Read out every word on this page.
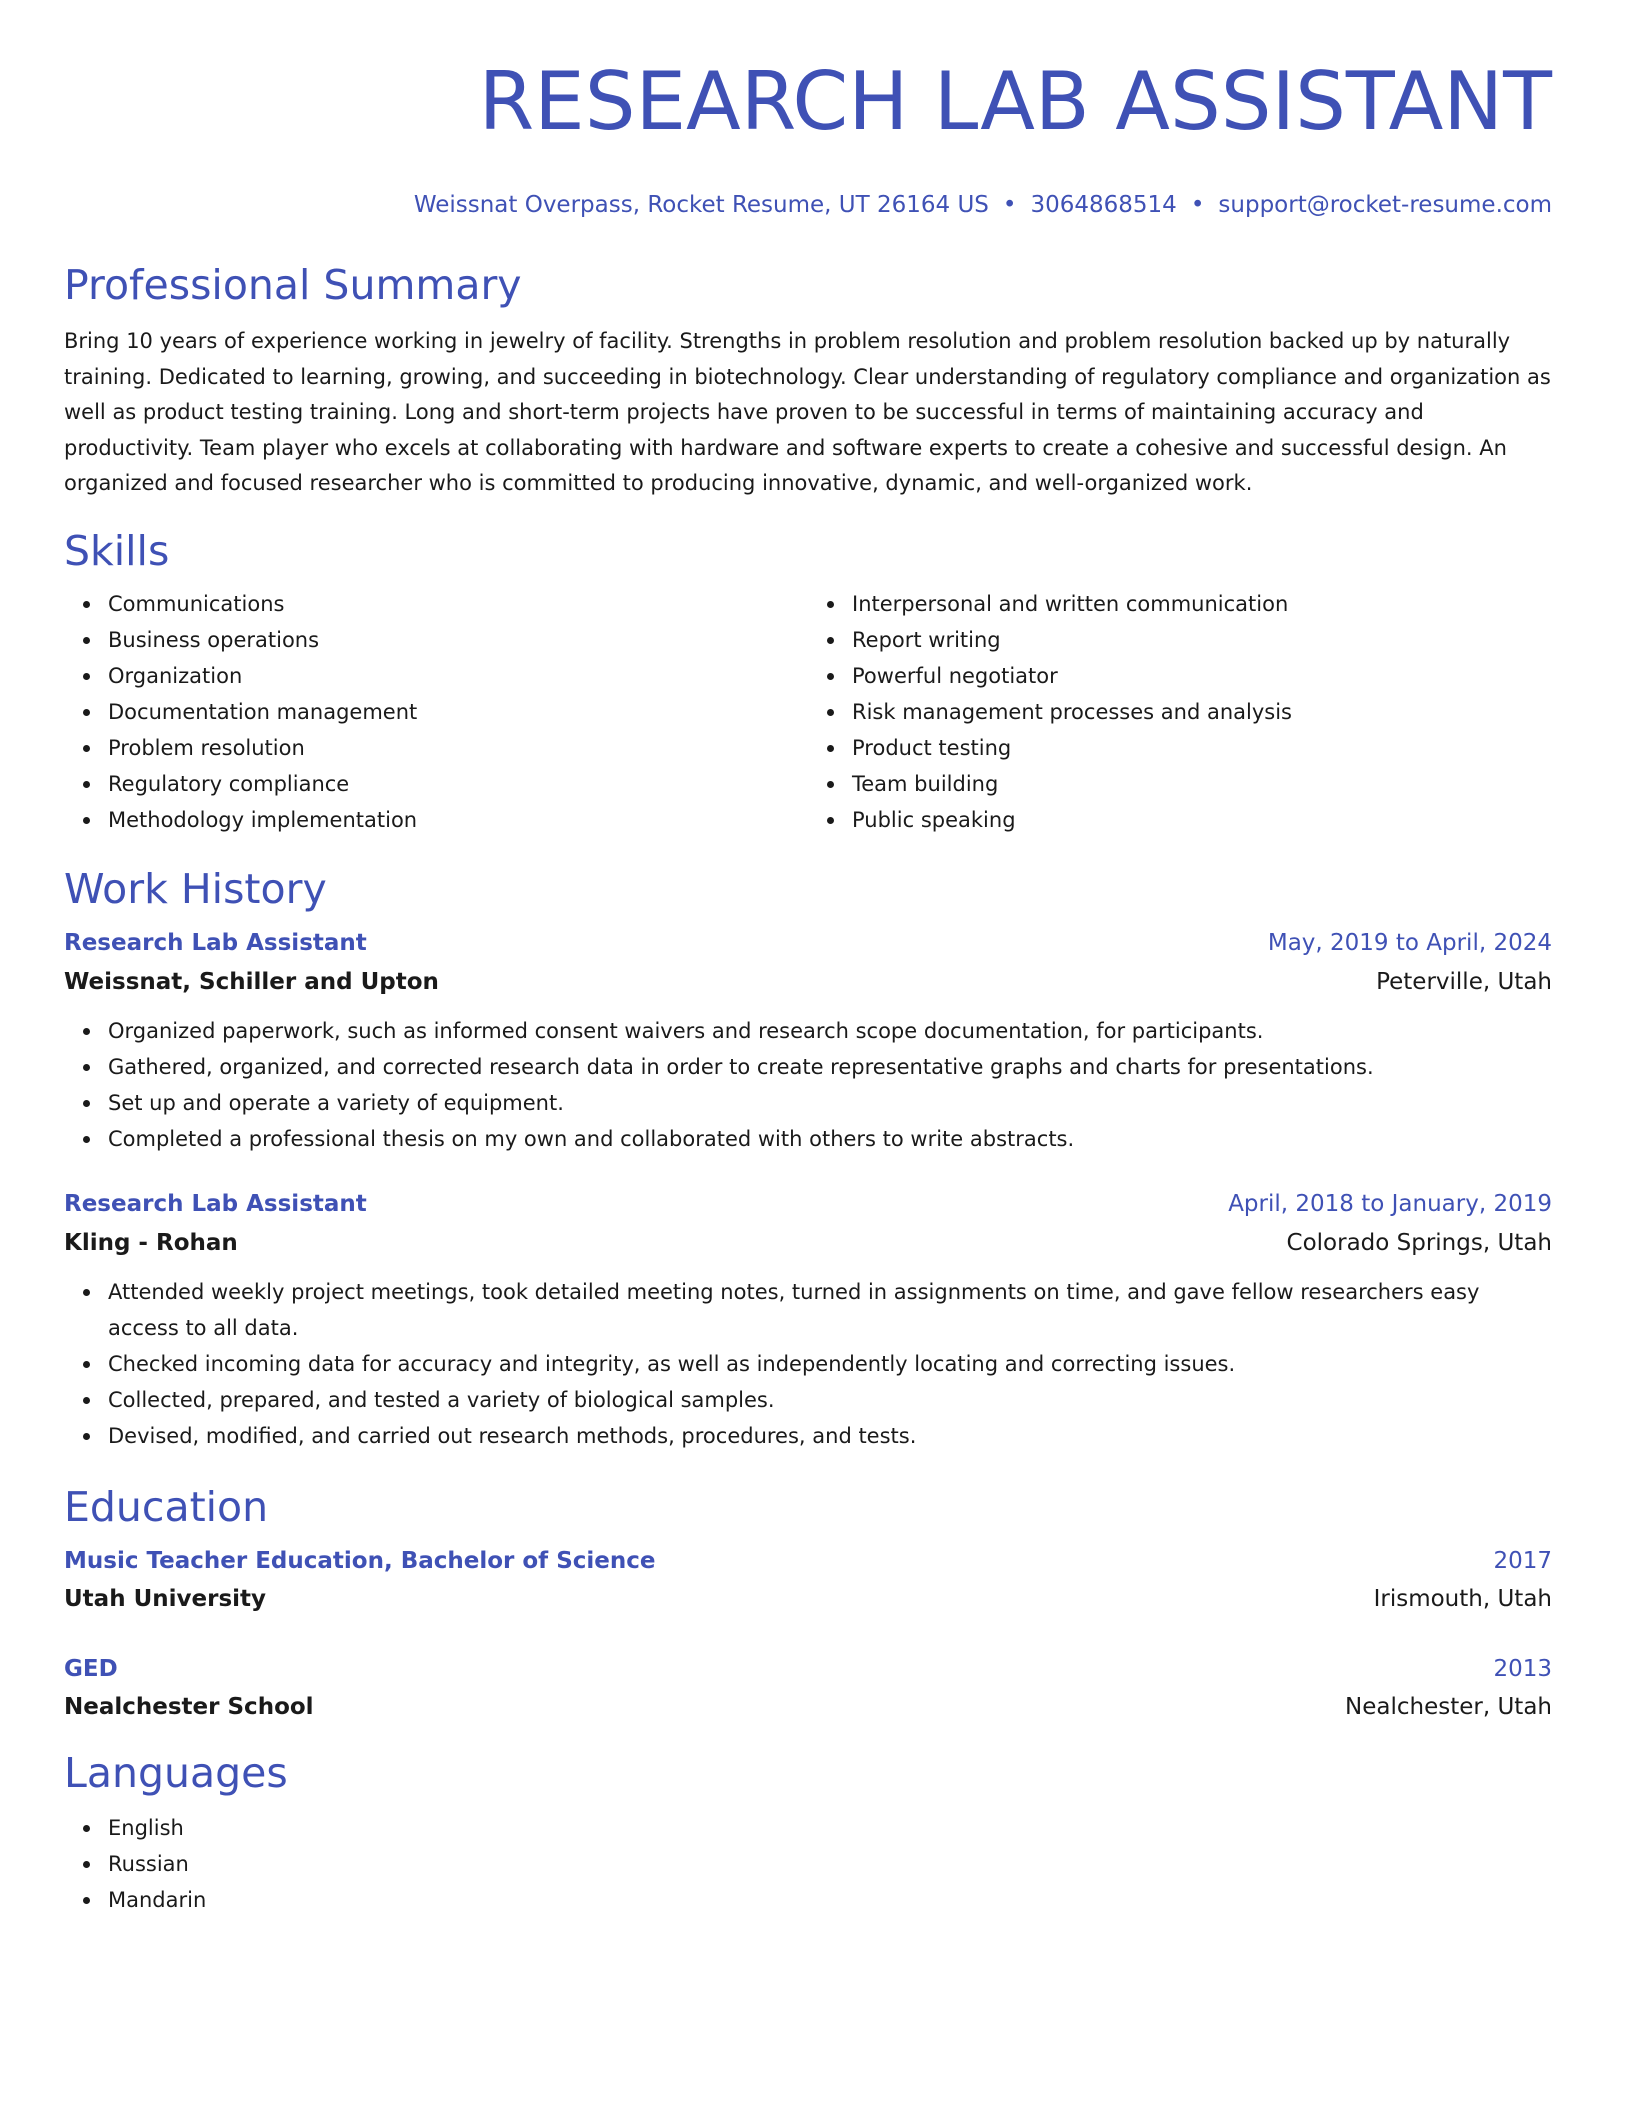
RESEARCH LAB ASSISTANT
Weissnat Overpass, Rocket Resume, UT 26164 US • 3064868514 • support@rocket-resume.com
Professional Summary
Bring 10 years of experience working in jewelry of facility. Strengths in problem resolution and problem resolution backed up by naturally training. Dedicated to learning, growing, and succeeding in biotechnology. Clear understanding of regulatory compliance and organization as well as product testing training. Long and short-term projects have proven to be successful in terms of maintaining accuracy and productivity. Team player who excels at collaborating with hardware and software experts to create a cohesive and successful design. An organized and focused researcher who is committed to producing innovative, dynamic, and well-organized work.
Skills
Communications
Business operations
Organization
Documentation management
Problem resolution
Regulatory compliance
Methodology implementation
Interpersonal and written communication
Report writing
Powerful negotiator
Risk management processes and analysis
Product testing
Team building
Public speaking
Work History
Research Lab Assistant	May, 2019 to April, 2024
Weissnat, Schiller and Upton	Peterville, Utah
Organized paperwork, such as informed consent waivers and research scope documentation, for participants.
Gathered, organized, and corrected research data in order to create representative graphs and charts for presentations.
Set up and operate a variety of equipment.
Completed a professional thesis on my own and collaborated with others to write abstracts.
Research Lab Assistant	April, 2018 to January, 2019
Kling - Rohan	Colorado Springs, Utah
Attended weekly project meetings, took detailed meeting notes, turned in assignments on time, and gave fellow researchers easy access to all data.
Checked incoming data for accuracy and integrity, as well as independently locating and correcting issues.
Collected, prepared, and tested a variety of biological samples.
Devised, modified, and carried out research methods, procedures, and tests.
Education
Music Teacher Education, Bachelor of Science	2017
Utah University	Irismouth, Utah
GED	2013
Nealchester School	Nealchester, Utah
Languages
English
Russian
Mandarin
